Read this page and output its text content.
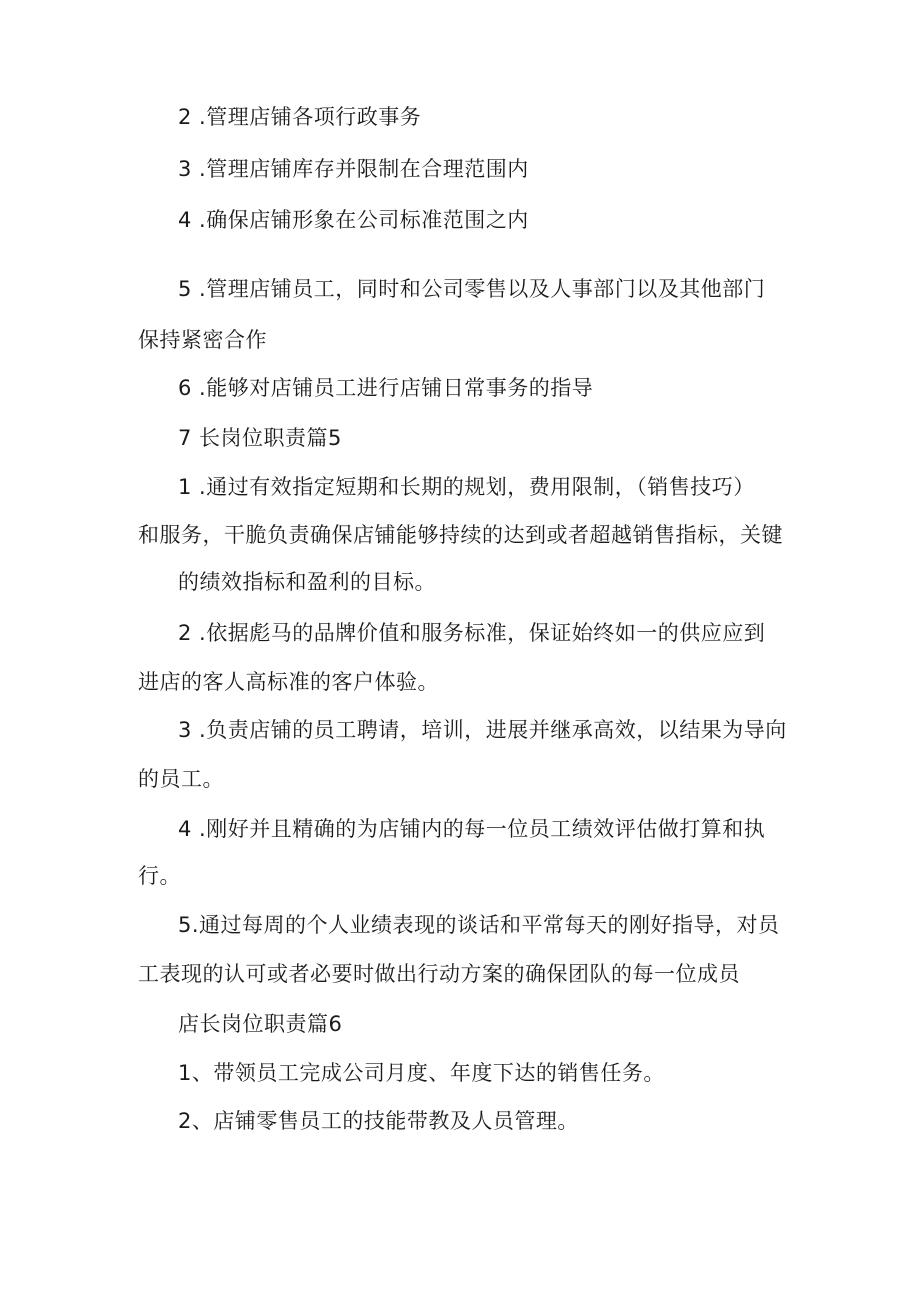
2 .管理店铺各项行政事务

3 .管理店铺库存并限制在合理范围内

4 .确保店铺形象在公司标准范围之内

5 .管理店铺员工，同时和公司零售以及人事部门以及其他部门

保持紧密合作

6 .能够对店铺员工进行店铺日常事务的指导

7 长岗位职责篇5

1 .通过有效指定短期和长期的规划，费用限制，（销售技巧）

和服务，干脆负责确保店铺能够持续的达到或者超越销售指标，关键

的绩效指标和盈利的目标。

2 .依据彪马的品牌价值和服务标准，保证始终如一的供应应到

进店的客人高标准的客户体验。

3 .负责店铺的员工聘请，培训，进展并继承高效，以结果为导向

的员工。

4 .刚好并且精确的为店铺内的每一位员工绩效评估做打算和执

行。

5.通过每周的个人业绩表现的谈话和平常每天的刚好指导，对员

工表现的认可或者必要时做出行动方案的确保团队的每一位成员

店长岗位职责篇6

1、带领员工完成公司月度、年度下达的销售任务。

2、店铺零售员工的技能带教及人员管理。
